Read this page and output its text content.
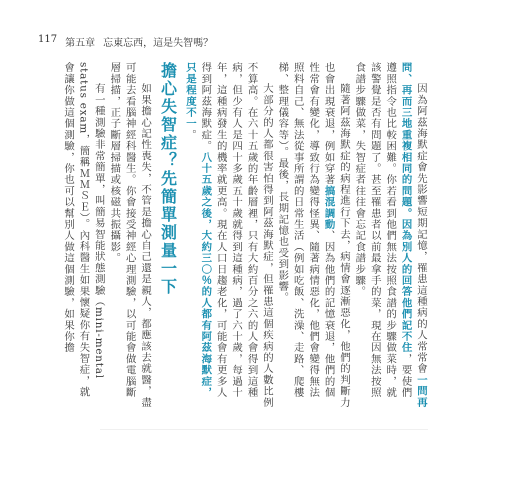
117 第五章 忘東忘西，這是失智嗎？

因為阿茲海默症會先影響短期記憶，罹患這種病的人常常會一問再問、再而三地重複相同的問題。因為別人的回答他們記不住，要使們遵照指令也比較困難。你若看到他們無法按照食譜的步驟做菜時，就該警覺是否有問題了。甚至罹患者以前最拿手的菜，現在因無法按照食譜步驟做菜，失智症者往往會忘記食譜步驟。

隨著阿茲海默症的病程進行下去，病情會逐漸惡化，他們的判斷力也會出現衰退，例如穿著搞混調動、因為他們的記憶衰退，他們的個性常會有變化，導致行為變得怪異、隨著病情惡化，他們會變得無法照料自己、無法從事所謂的日常生活（例如吃飯、洗澡、走路、爬樓梯、整理儀容等）。最後，長期記憶也受到影響。

大部分的人都很害怕得到阿茲海默症，但罹患這個疾病的人數比例不算高。在六十五歲的年齡層裡，只有大約百分之六的人會得到這種病，但少有人是四十多歲五十歲就得到這種病，過了六十歲，每過十年，這種病發生的機率就更高。現在人口日趨老化，可能會有更多人得到阿茲海默症。八十五歲之後，大約三〇％的人都有阿茲海默症，只是程度不一。

擔心失智症？先簡單測量一下

如果擔心記性喪失，不管是擔心自己還是親人，都應該去就醫，盡可能去看腦神經科醫生。你會接受神經心理測驗，以可能會做電腦斷層掃描，正子斷層掃描或核磁共振攝影。

有一種測驗非常簡單，叫簡易智能狀態測驗（mini-mental status exam，簡稱ＭＭＳＥ）。內科醫生如果懷疑你有失智症，就會讓你做這個測驗，你也可以幫別人做這個測驗，如果你擔
